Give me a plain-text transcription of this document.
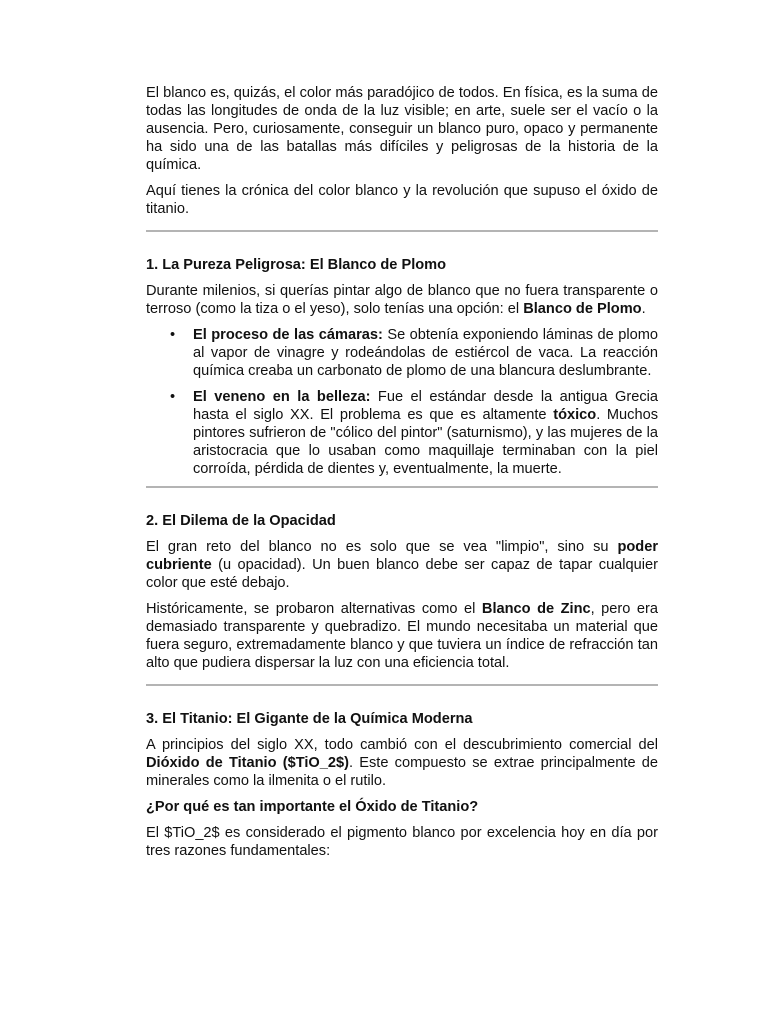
El blanco es, quizás, el color más paradójico de todos. En física, es la suma de todas las longitudes de onda de la luz visible; en arte, suele ser el vacío o la ausencia. Pero, curiosamente, conseguir un blanco puro, opaco y permanente ha sido una de las batallas más difíciles y peligrosas de la historia de la química.

Aquí tienes la crónica del color blanco y la revolución que supuso el óxido de titanio.

1. La Pureza Peligrosa: El Blanco de Plomo

Durante milenios, si querías pintar algo de blanco que no fuera transparente o terroso (como la tiza o el yeso), solo tenías una opción: el Blanco de Plomo.

• El proceso de las cámaras: Se obtenía exponiendo láminas de plomo al vapor de vinagre y rodeándolas de estiércol de vaca. La reacción química creaba un carbonato de plomo de una blancura deslumbrante.

• El veneno en la belleza: Fue el estándar desde la antigua Grecia hasta el siglo XX. El problema es que es altamente tóxico. Muchos pintores sufrieron de "cólico del pintor" (saturnismo), y las mujeres de la aristocracia que lo usaban como maquillaje terminaban con la piel corroída, pérdida de dientes y, eventualmente, la muerte.

2. El Dilema de la Opacidad

El gran reto del blanco no es solo que se vea "limpio", sino su poder cubriente (u opacidad). Un buen blanco debe ser capaz de tapar cualquier color que esté debajo.

Históricamente, se probaron alternativas como el Blanco de Zinc, pero era demasiado transparente y quebradizo. El mundo necesitaba un material que fuera seguro, extremadamente blanco y que tuviera un índice de refracción tan alto que pudiera dispersar la luz con una eficiencia total.

3. El Titanio: El Gigante de la Química Moderna

A principios del siglo XX, todo cambió con el descubrimiento comercial del Dióxido de Titanio ($TiO_2$). Este compuesto se extrae principalmente de minerales como la ilmenita o el rutilo.

¿Por qué es tan importante el Óxido de Titanio?

El $TiO_2$ es considerado el pigmento blanco por excelencia hoy en día por tres razones fundamentales:
